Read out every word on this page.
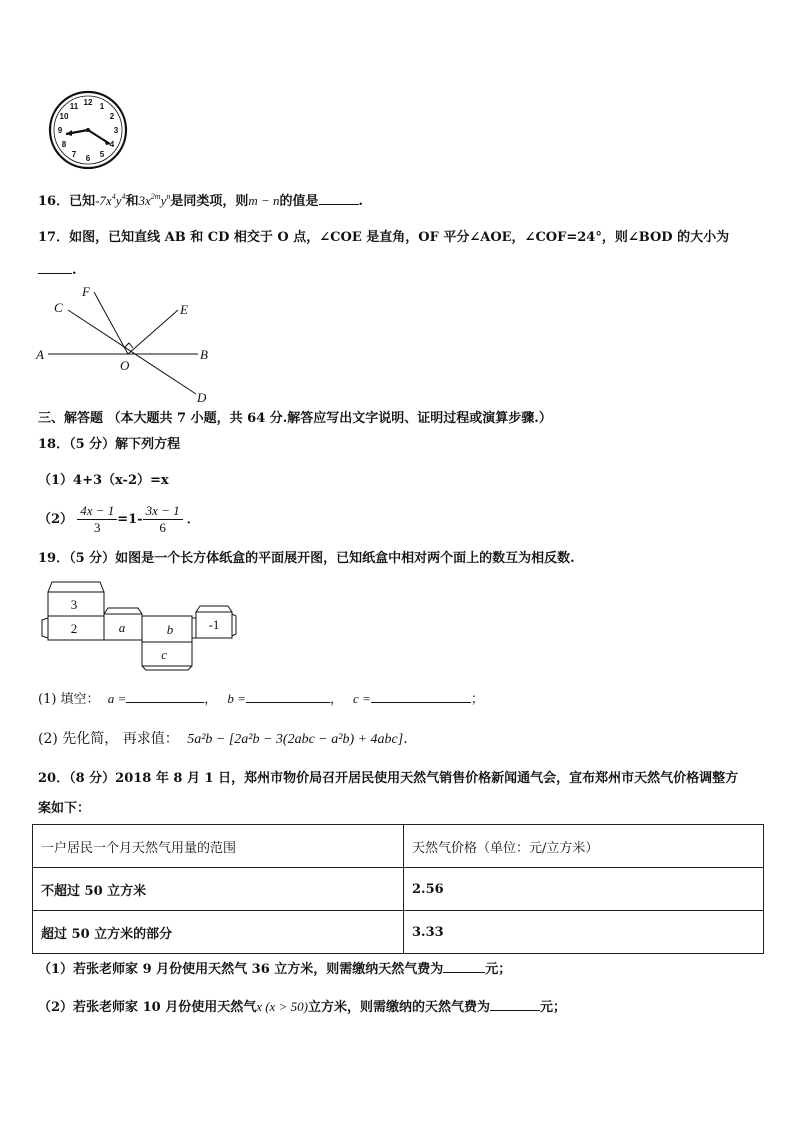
12 1
2
3
4
5
6
7
8
9
10
11
16．已知$-7x^4y^4$和$3x^{2m}y^n$是同类项，则m − n的值是	.
17．如图，已知直线 AB 和 CD 相交于 O 点，∠COE 是直角，OF 平分∠AOE，∠COF=24°，则∠BOD 的大小为
.
A	B
C
D
E
F
O
三、解答题 （本大题共 7 小题，共 64 分.解答应写出文字说明、证明过程或演算步骤.）
18．（5 分）解下列方程
（1）4+3（x-2）=x
$(2) \frac{4x - 1}{3} =1- \frac{3x - 1}{6}$ ．
19．（5 分）如图是一个长方体纸盒的平面展开图，已知纸盒中相对两个面上的数互为相反数.
3
2	a	b	-1
c
(1) 填空： a =	， b =	， c =	；
(2) 先化简， 再求值： 5a²b − [2a²b − 3(2abc − a²b) + 4abc].
20．（8 分）2018 年 8 月 1 日，郑州市物价局召开居民使用天然气销售价格新闻通气会，宣布郑州市天然气价格调整方
案如下：
一户居民一个月天然气用量的范围	天然气价格（单位：元/立方米）
不超过 50 立方米	2.56
超过 50 立方米的部分	3.33
（1）若张老师家 9 月份使用天然气 36 立方米，则需缴纳天然气费为	元；
（2）若张老师家 10 月份使用天然气x (x > 50)立方米，则需缴纳的天然气费为	元；
